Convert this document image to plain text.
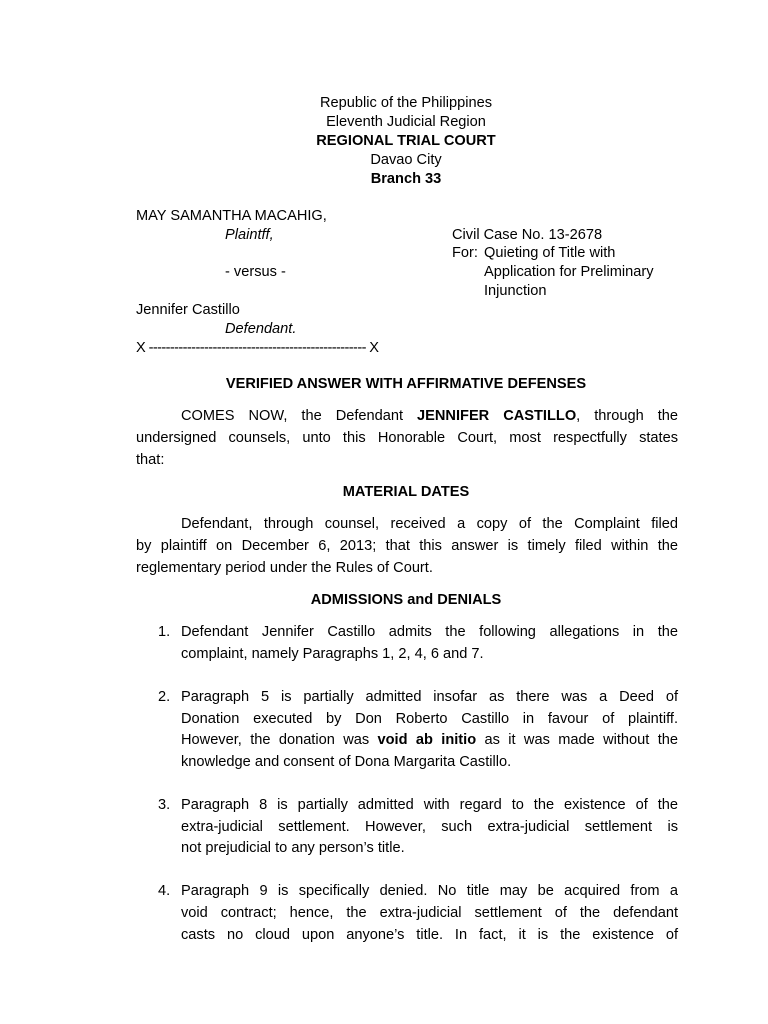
Republic of the Philippines
Eleventh Judicial Region
REGIONAL TRIAL COURT
Davao City
Branch 33
MAY SAMANTHA MACAHIG,
Plaintff,
- versus -
Jennifer Castillo
Defendant.
X --------------------------------------------------- X
Civil Case No. 13-2678
For: Quieting of Title with
Application for Preliminary
Injunction
VERIFIED ANSWER WITH AFFIRMATIVE DEFENSES
COMES NOW, the Defendant JENNIFER CASTILLO, through the
undersigned counsels, unto this Honorable Court, most respectfully states
that:
MATERIAL DATES
Defendant, through counsel, received a copy of the Complaint filed
by plaintiff on December 6, 2013; that this answer is timely filed within the
reglementary period under the Rules of Court.
ADMISSIONS and DENIALS
1. Defendant Jennifer Castillo admits the following allegations in the
complaint, namely Paragraphs 1, 2, 4, 6 and 7.
2. Paragraph 5 is partially admitted insofar as there was a Deed of
Donation executed by Don Roberto Castillo in favour of plaintiff.
However, the donation was void ab initio as it was made without the
knowledge and consent of Dona Margarita Castillo.
3. Paragraph 8 is partially admitted with regard to the existence of the
extra-judicial settlement. However, such extra-judicial settlement is
not prejudicial to any person’s title.
4. Paragraph 9 is specifically denied. No title may be acquired from a
void contract; hence, the extra-judicial settlement of the defendant
casts no cloud upon anyone’s title. In fact, it is the existence of
